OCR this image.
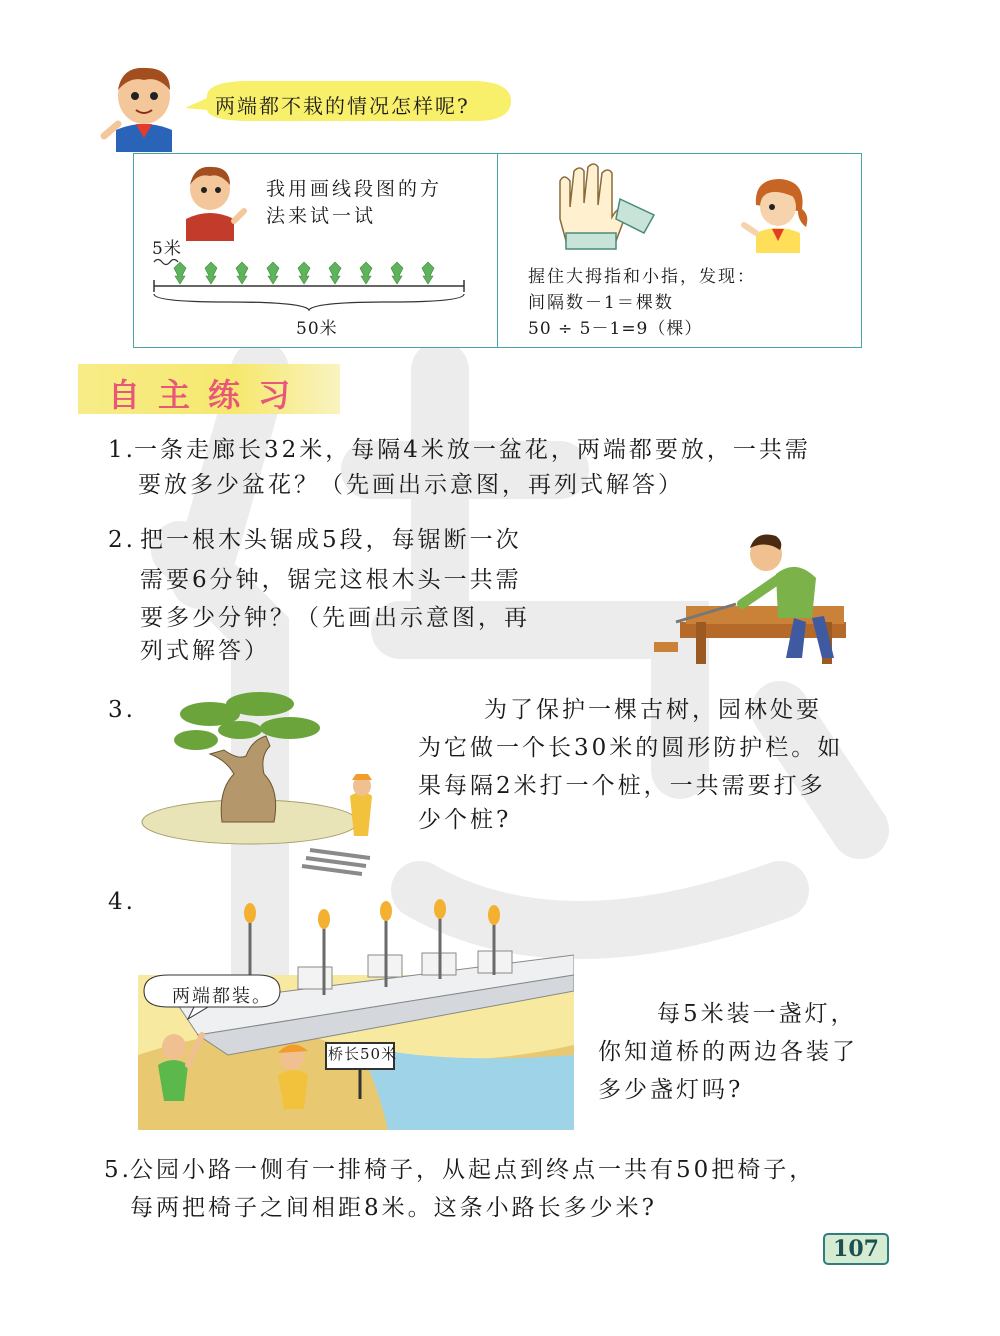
两端都不栽的情况怎样呢?
我用画线段图的方
法来试一试
5米
50米
握住大拇指和小指，发现：
间隔数－1＝棵数
50 ÷ 5－1=9（棵）
自主练习
1.
一条走廊长32米，每隔4米放一盆花，两端都要放，一共需
要放多少盆花？（先画出示意图，再列式解答）
2. 把一根木头锯成5段，每锯断一次
需要6分钟，锯完这根木头一共需
要多少分钟？（先画出示意图，再
列式解答）
3.	为了保护一棵古树，园林处要
为它做一个长30米的圆形防护栏。如
果每隔2米打一个桩，一共需要打多
少个桩?
4.
两端都装。
桥长50米
每5米装一盏灯，
你知道桥的两边各装了
多少盏灯吗?
5.
公园小路一侧有一排椅子，从起点到终点一共有50把椅子，
每两把椅子之间相距8米。这条小路长多少米?
107
